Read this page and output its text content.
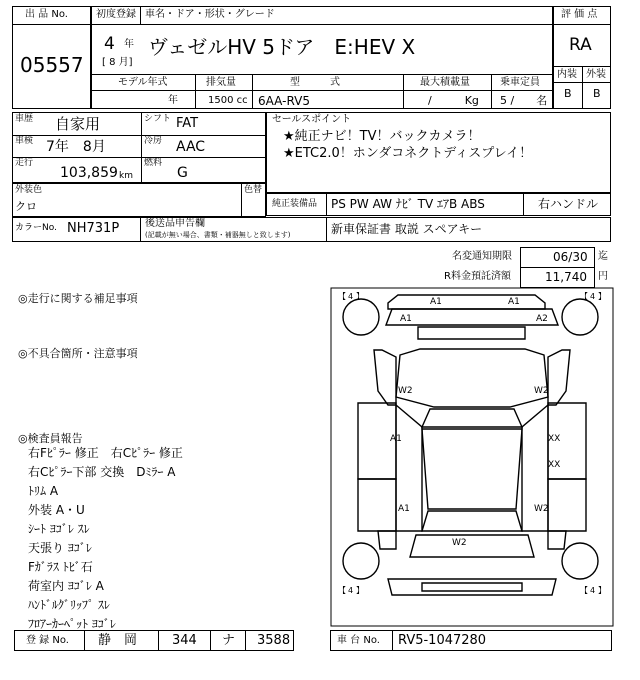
出 品 No.
05557
初度登録 車名・ドア・形状・グレード
4 年
[ 8 月]
ヴェゼルHV 5ドア　E:HEV X
モデル年式	排気量	型　　　式	最大積載量	乗車定員
年	1500 cc 6AA-RV5	/　　　Kg 5 /　　名
評 価 点
RA
内装 外装
B B
車歴 自家用	シフト FAT
車検 7年　8月	冷房 AAC
走行
103,859 km
燃料
G
セールスポイント
★純正ナビ！TV！バックカメラ！
★ETC2.0！ホンダコネクトディスプレイ！
外装色
クロ
色替
純正装備品 PS PW AW ﾅﾋﾞ TV ｴｱB ABS	右ハンドル
カラーNo. NH731P	後送品申告欄
(記載が無い場合、書類・補器無しと致します)	新車保証書 取説 スペアキー
名変通知期限	06/30 迄
R料金預託済額	11,740 円
◎走行に関する補足事項
◎不具合箇所・注意事項
◎検査員報告
右Fﾋﾟﾗｰ 修正　右Cﾋﾟﾗｰ 修正
右Cﾋﾟﾗｰ下部 交換　Dﾐﾗｰ A
ﾄﾘﾑ A
外装 A・U
ｼｰﾄ ﾖｺﾞﾚ ｽﾚ
天張り ﾖｺﾞﾚ
Fｶﾞﾗｽ ﾄﾋﾞ石
荷室内 ﾖｺﾞﾚ A
ﾊﾝﾄﾞﾙｸﾞﾘｯﾌﾟ ｽﾚ
ﾌﾛｱｰｶｰﾍﾟｯﾄ ﾖｺﾞﾚ
【 4 】	【 4 】
【 4 】	【 4 】
A1	A1
A1	A2
W2	W2
A1	XX
XX
A1	W2
W2
登 録 No. 静　岡	344 ナ 3588	車 台 No. RV5-1047280
